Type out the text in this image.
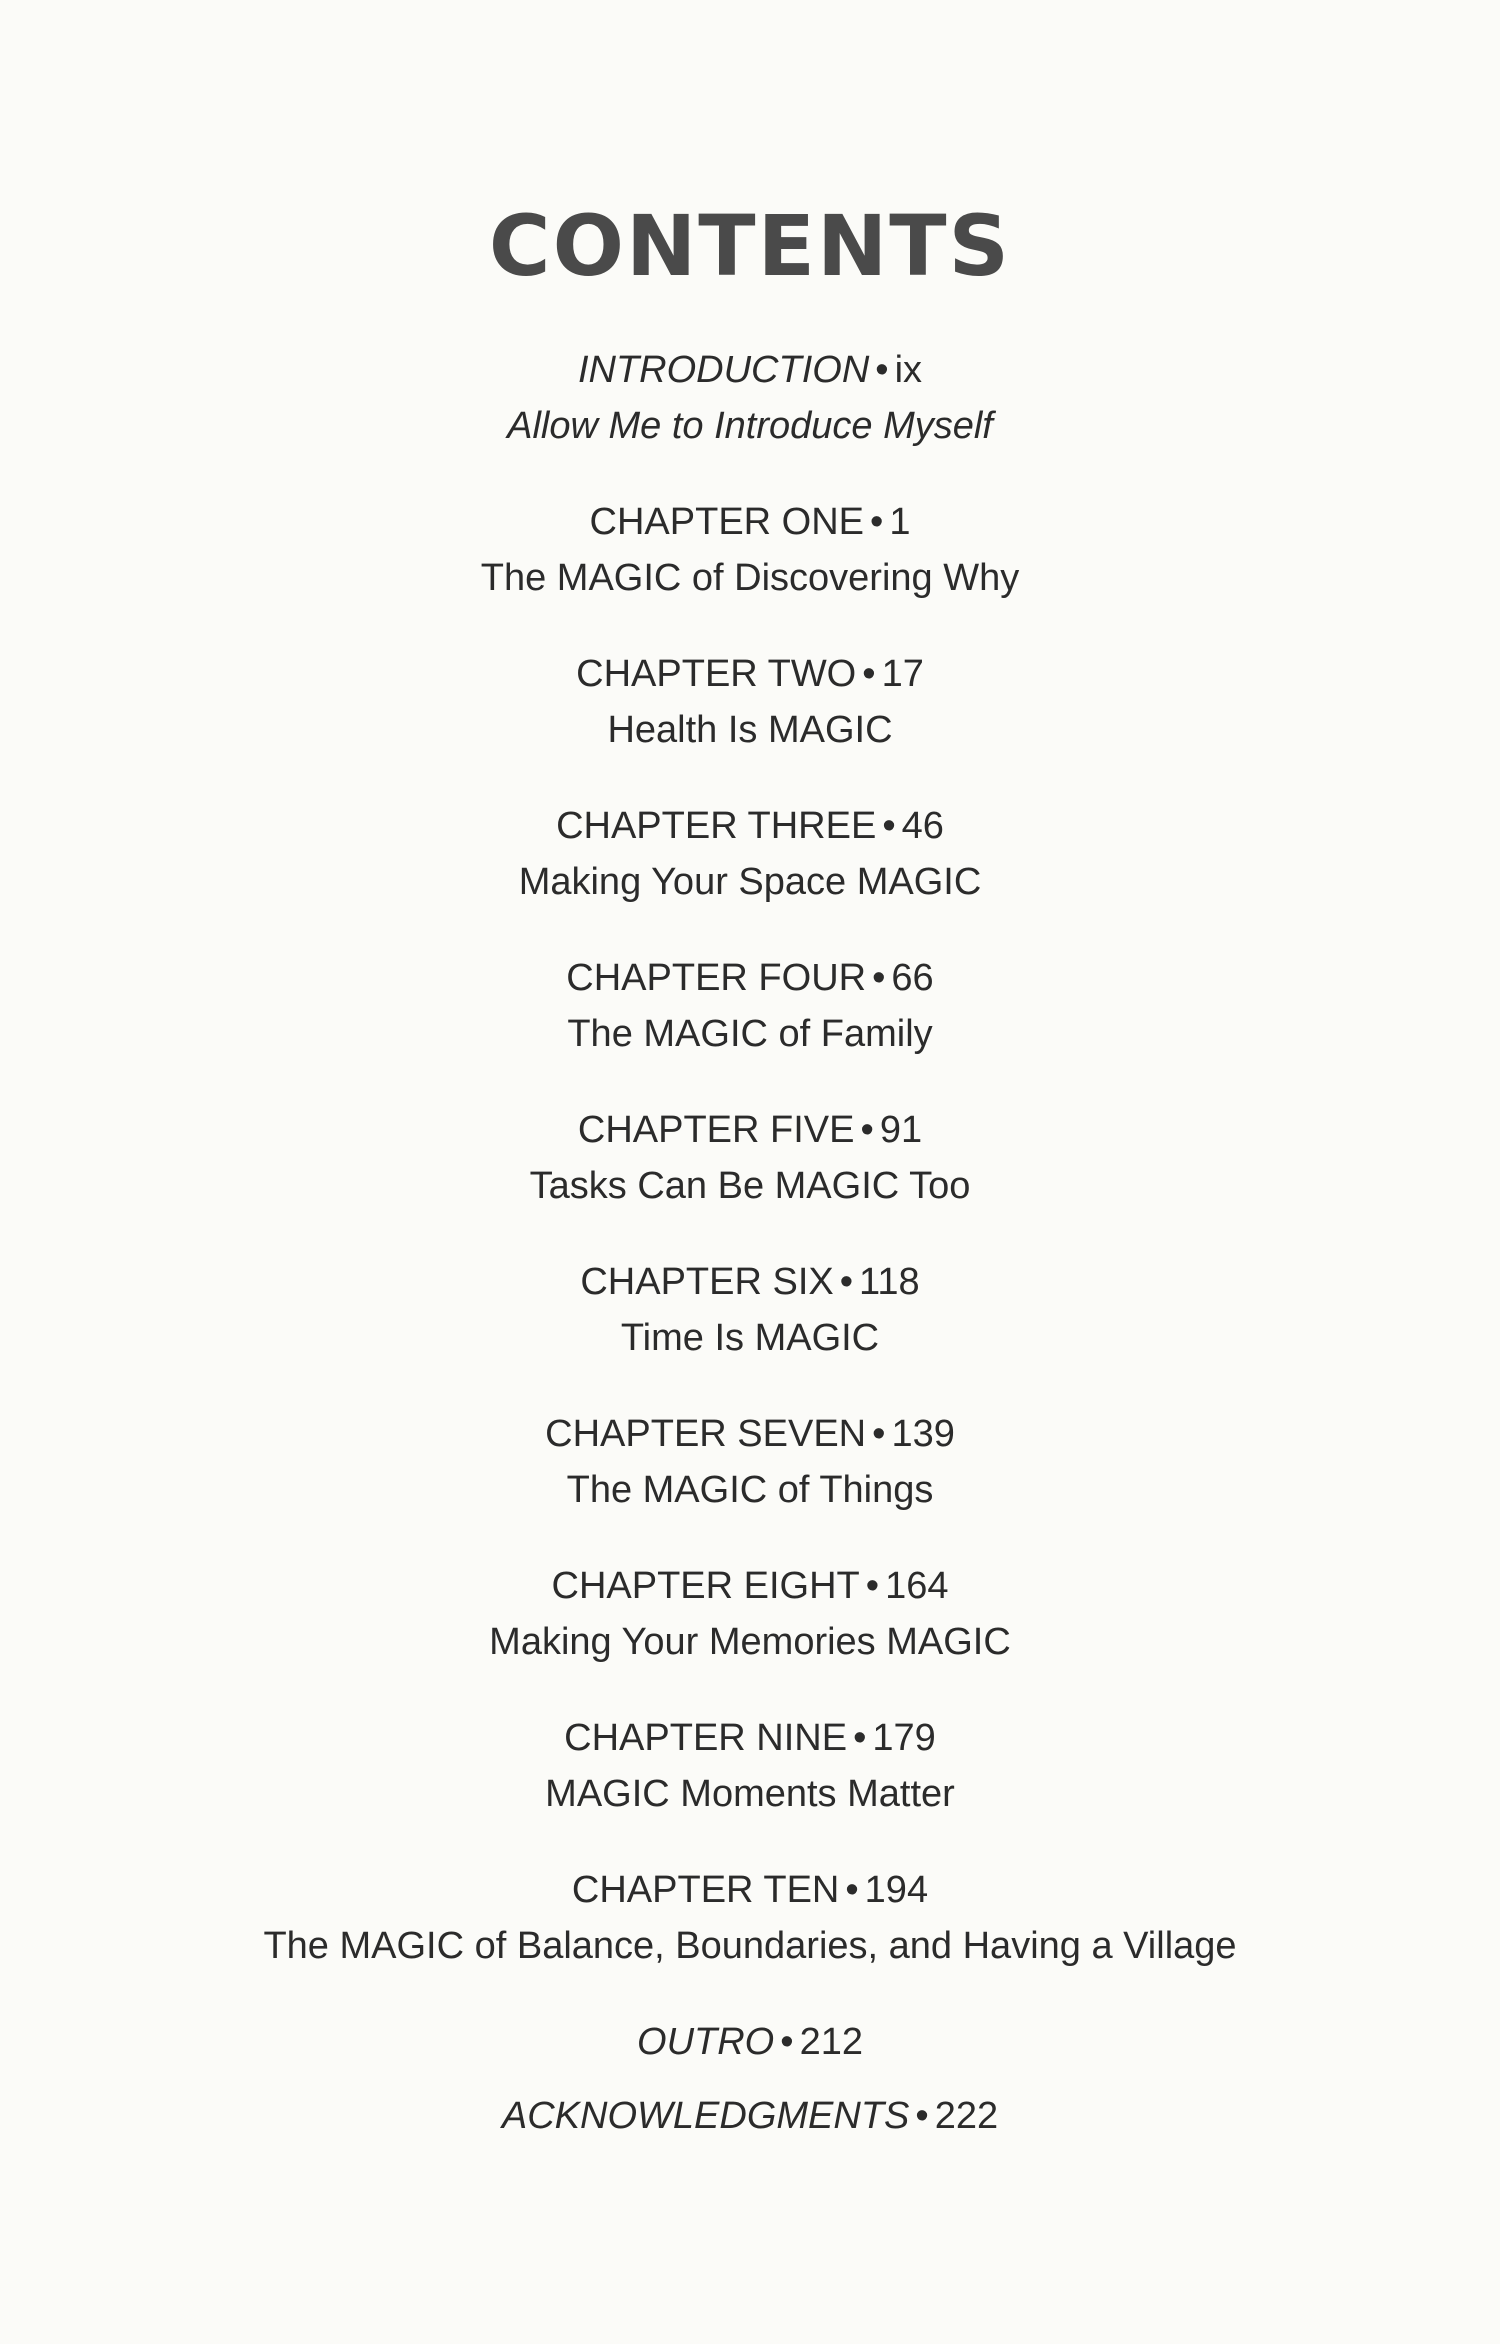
CONTENTS
INTRODUCTION • ix
Allow Me to Introduce Myself
CHAPTER ONE • 1
The MAGIC of Discovering Why
CHAPTER TWO • 17
Health Is MAGIC
CHAPTER THREE • 46
Making Your Space MAGIC
CHAPTER FOUR • 66
The MAGIC of Family
CHAPTER FIVE • 91
Tasks Can Be MAGIC Too
CHAPTER SIX • 118
Time Is MAGIC
CHAPTER SEVEN • 139
The MAGIC of Things
CHAPTER EIGHT • 164
Making Your Memories MAGIC
CHAPTER NINE • 179
MAGIC Moments Matter
CHAPTER TEN • 194
The MAGIC of Balance, Boundaries, and Having a Village
OUTRO • 212
ACKNOWLEDGMENTS • 222
